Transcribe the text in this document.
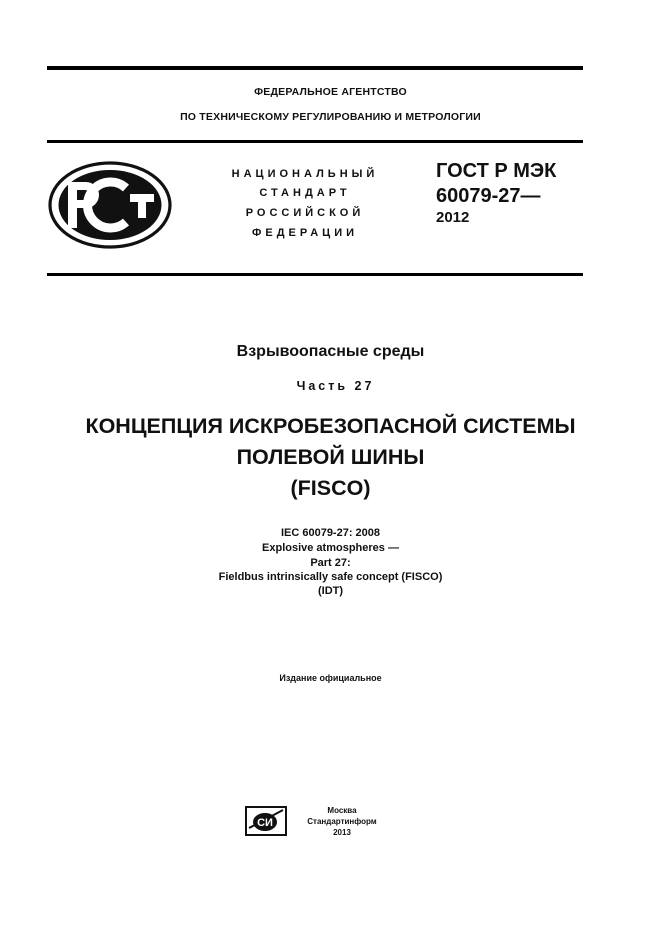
ФЕДЕРАЛЬНОЕ АГЕНТСТВО
ПО ТЕХНИЧЕСКОМУ РЕГУЛИРОВАНИЮ И МЕТРОЛОГИИ
НАЦИОНАЛЬНЫЙ
СТАНДАРТ
РОССИЙСКОЙ
ФЕДЕРАЦИИ
ГОСТ Р МЭК
60079-27—
2012
Взрывоопасные среды
Часть 27
КОНЦЕПЦИЯ ИСКРОБЕЗОПАСНОЙ СИСТЕМЫ
ПОЛЕВОЙ ШИНЫ
(FISCO)
IEC 60079-27: 2008
Explosive atmospheres —
Part 27:
Fieldbus intrinsically safe concept (FISCO)
(IDT)
Издание официальное
СИ
Москва
Стандартинформ
2013
